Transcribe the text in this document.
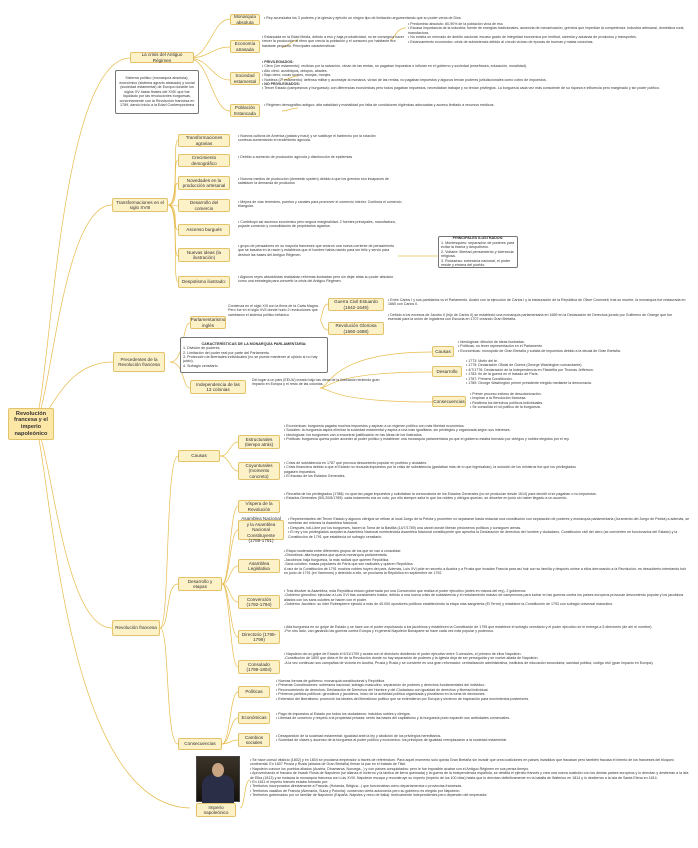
Revolución francesa y el imperio napoleónico
La crisis del Antiguo Régimen
Sistema político (monarquía absoluta), económico (sistema agrario atrasado) y social (sociedad estamental) de Europa durante los siglos XV hasta finales del XVIII que fue liquidado por las revoluciones burguesas, concretamente con la Revolución francesa en 1789, dando inicio a la Edad Contemporánea
Monarquía absoluta
• Rey acumulaba los 3 poderes y la iglesia y ejércitó un ningún tipo de limitación argumentando que su poder venía de Dios.
Economía atrasada
• Estancada en la Edad Media, debido a eso y baja productividad, no se conseguía hacer crecer la producción al ritmo que crecía la población y el consumo por habitante era bastante pequeño. Principales características:
• Predominio absoluto: 80-90% de la población vivía de eso
• Escasa importancia de la industria; fuente de energías tradicionales, ausencia de mecanización, gremios que impedían la competencia. Industria artesanal, doméstica rural, manufactura.
• No existía un mercado de ámbito nacional: escaso grado de integridad económica por lentitud, carestía y aduanas de productos y transportes.
• Estancamiento económico: crisis de subsistencia debido al círculo vicioso de épocas de buenas y malas cosechas.
Sociedad estamental
• PRIVILEGIADOS:
• Clero (1er estamento): recibían por la salvación, vivían de las rentas, no pagaban impuestos e influían en el gobierno y sociedad (enseñanza, educación, moralidad).
• Alto clero: arzobispos, obispos, abades.
• Bajo clero: curas rurales, monjas, monjes.
• Nobleza (2º estamento): defensa militar y aconsejar al monarca, vivían de las rentas, no pagaban impuestos y algunos tenían poderes jurisdiccionales como cobro de impuestos.
• NO PRIVILEGIADOS:
• Tercer Estado (campesinos y burguesía): con diferencias económicas pero todos pagaban impuestos, necesitaban trabajar y no tenían privilegios. La burguesía cada vez más consciente de su riqueza e influencia pero marginado y sin poder político.
Población Estancada
• Régimen demográfico antiguo: alta natalidad y mortalidad por falta de condiciones higiénicas adecuadas y acceso limitado a recursos médicos.
Transformaciones en el siglo XVIII
Transformaciones agrarias
• Nuevos cultivos de América (patata y maíz) y se sustituye el barbecho por la rotación continua aumentando el rendimiento agrícola.
Crecimiento demográfico
• Debido a aumento de producción agrícola y disminución de epidemias
Novedades en la producción artesanal
• Nuevos medios de producción (domestic system) debido a que los gremios son incapaces de satisfacer la demanda de productos
Desarrollo del comercio
• Mejora de vías terrestres, puertos y canales para promover el comercio interior. Continúa el comercio triangular.
Ascenso burgués
• Contribuyó así ascenso económico pero seguía marginalidad: 2 fuentes principales, manufactura, pujante comercio y consolidación de propietarios agrarios.
Nuevas ideas (la ilustración)
• grupo de pensadores en su mayoría franceses que crearon una nueva corriente de pensamiento que se basaba en la razón y establecía que el hombre había nacido para ser feliz y servió para destruir las bases del Antiguo Régimen.
PRINCIPALES ILUSTRADOS:
1. Montesquieu: separación de poderes para evitar la tiranía y despotismo.
2. Voltaire: libertad pensamiento y tolerancia religiosa.
3. Rousseau: soberanía nacional, el poder reside y emana del pueblo.
Despotismo ilustrado:
• Algunos reyes absolutistas realizaban reformas ilustradas pero sin dejar atrás su poder absoluto como una estrategia para convertir la crisis del Antiguo Régimen.
Precedentes de la Revolución francesa
Parlamentarismo inglés
Comienza en el siglo XIII con la firma de la Carta Magna. Pero fue en el siglo XVII donde hubo 2 revoluciones que cambiaron el sistema político británico
Guerra Civil Estuardo (1642-1649)
• Entre Carlos I y sus partidarios vs el Parlamento. Acabó con la ejecución de Carlos I y la instauración de la República de Oliver Cromwell; tras su muerte, la monarquía fue restaurada en 1660 con Carlos II.
Revolución Gloriosa (1660-1688)
• Debido a los excesos de Jacobo II (hijo de Carlos II) se estableció una monarquía parlamentaria en 1689 en la Declaración de Derechos jurado por Guillermo de Orange que fue esencial para la unión de Inglaterra con Escocia en 1707 creando Gran Bretaña.
CARACTERÍSTICAS DE LA MONARQUÍA PARLAMENTARIA:
1. División de poderes.
2. Limitación del poder real por parte del Parlamento.
3. Protección de libertades individuales (no se puede mantener al ojiricto si no hay juicio).
4. Sufragio censitario
Independencia de las 13 colonias
Dió lugar a un país (EEUU) creado bajo las ideas de la ilustración teniendo gran impacto en Europa y el resto de las colonias.
Causas
• Ideológicas: difusión de ideas ilustradas.
• Políticas: no tener representación en el Parlamento
• Económicas: monopolio de Gran Bretaña y subida de impuestos debido a la deuda de Gran Bretaña.
Desarrollo
• 1773: Motín del té.
• 1775: Declaración Oficial de Guerra (George Washington comandante).
• 4/7/1776: Declaración de la Independencia en Filadelfia por Thomas Jefferson.
• 1783: fin de la guerra en el tratado de París.
• 1787: Primera Constitución.
• 1789: George Washington primer presidente elegido mediante la democracia.
Consecuencias
• Primer proceso exitoso de descolonización.
• Inspiran a la Revolución francesa.
• Reafirma los derechos políticos individuales.
• Se consolida el rol político de la burguesía.
Revolución francesa
Causas
Estructurales (tiempo atrás)
• Económicas: burguesía pagaba muchos impuestos y aspiran a un régimen político con más libertad económica.
• Sociales: la burguesía aspira eliminar la sociedad estamental y aspira a una más igualitaria, sin privilegios y organizada según sus intereses.
• Ideológicas: los burgueses van a encontrar justificación en las ideas de los ilustrados.
• Políticas: burguesía quería poder acceder al poder político y establecer una monarquía parlamentaria ya que el gobierno estaba formado por clérigos y nobles elegidos por el rey.
Coyunturales (momento concreto)
• Crisis de subsistencia en 1787 que provoca descontento popular en pueblos y ciudades.
• Crisis financiera debido a que el Estado no recauda impuestos por la crisis de subsistencia (gastaban más de lo que ingresaban), la solución de los ministros fue que los privilegiados pagasen impuestos.
• El fracaso de los Estados Generales.
Desarrollo y etapas
Víspera de la Revolución
• Revuelta de los privilegiados (1788): no querían pagar impuestos y solicitaban la convocatoria de los Estados Generales (no se producían desde 1614) para decidir si se pagaban o no impuestos.
• Estados Generales (5/5-20/6/1789): cada estamento era un voto, por ello siempre salía lo que los nobles y clérigos querían, se disuelve en junio sin haber llegado a un acuerdo.
Asamblea Nacional y la Asamblea Nacional Constituyente (1789-1791)
• Representantes del Tercer Estado y algunos clérigos se retiran al local Juego de la Pelota y prometen no separarse hasta redactar una constitución con separación de poderes y monarquía parlamentaria (Juramento del Juego de Pelota) a además, se nombran así mismos la Asamblea Nacional.
• Después, toll-Libre por los burgueses, hacen la Toma de la Bastilla (14/7/1789) una cárcel donde liberan prisioneros políticos y consiguen armas.
• El rey y los privilegiados aceptan la Asamblea Nacional nombrándola Asamblea Nacional constituyente que aprueba la Declaración de derechos del hombre y ciudadano, Constitución civil del clero (se convierten en funcionarios del Estado) y la Constitución de 1791 que establecía un sufragio censitario.
Asamblea Legislativa
• Etapa moderada entre diferentes grupos de los que se van a consolidar:
-Girondinos: alta burguesía que quería monarquía parlamentaria.
-Jacobinos: baja burguesía, la más radical que quieren República.
-Sans culottes: masas populares de París que son radicales y quieren República.
A raíz de la Constitución de 1791 muchos nobles huyen del país. Además, Luis XVI pide en secreto a Austria y a Prusia que invadan Francia para así huir con su familia y después unirse a ellos derrocando a la Revolución, es descubierto intentando huir en junio de 1791 (en Varennes) y detenido a ello, se proclama la República en septiembre de 1792.
Convención (1792-1794)
• Tras disolver la Asamblea, esta República estuvo gobernada por una Convención que realiza el poder ejecutivo (antes en manos del rey), 2 gobiernos:
-Gobierno girondino: ejecutan a Luis XVI tras considerarlo traidor, debido a una nueva crisis de subsistencia y el reclutamiento masivo de campesinos para luchar en las guerras contra los países europeos provocan descontento popular y los jacobinos aliados con los sans culottes se hacen con el poder.
-Gobierno Jacobino: su líder Robespierre ejecutó a más de 40.000 opositores políticos estableciendo la etapa más sangrienta (El Terror) y establece la Constitución de 1793 con sufragio universal masculino.
Directorio (1795-1799)
• Alta burguesía en un golpe de Estado y se hace con el poder expulsando a los jacobinos y establecen la Constitución de 1795 que establece el sufragio censitario y el poder ejecutivo se le entrega a 5 directores (de ahí el nombre).
-Por otro lado, van ganando las guerras contra Europa y el general Napoleón Bonaparte se hace cada vez más popular y poderoso.
Consulado (1799-1804)
• Napoleón da un golpe de Estado el 9/11/1799 y acaba con el directorio dividiendo el poder ejecutivo entre 3 cónsules, el primero de ellos Napoleón.
-Constitución de 1800 que dicta el fin de la Revolución donde no hay separación de poderes y la Iglesia deja de ser perseguida y se vuelve aliada de Napoleón.
-A la vez continúan sus campañas de victoria en Austria, Prusia y Rusia y se convierte en una gran reformador: centralización administrativa, institutos de educación secundaria, sanidad pública, código civil (gran impacto en Europa).
Consecuencias
Políticas
• Nuevas formas de gobierno: monarquía constitucional y República.
• Primeras Constituciones: soberanía nacional, sufragio masculino, separación de poderes y derechos fundamentales del individuo.
• Reconocimiento de derechos: Declaración de Derechos del Hombre y del Ciudadano con igualdad de derechos y libertad individual.
• Primeros partidos políticos: girondinos y jacobinos, inicio de la actividad política organizada y pluralismo en la toma de decisiones.
• Extensión del liberalismo: promovió los ideales del liberalismo político que se extendieron por Europa y sirvieron de inspiración para movimientos posteriores.
Económicas
• Pago de impuestos al Estado por todos los ciudadanos: incluidos nobles y clérigos.
• Libertad de comercio y respeto a la propiedad privada: sentó las bases del capitalismo y la burguesía pudo expandir sus actividades comerciales.
Cambios sociales
• Desaparición de la sociedad estamental: igualdad ante la ley y abolición de los privilegios hereditarios.
• Sociedad de clases y ascenso de la burguesía al poder político y económico: los principios de igualdad reemplazaron a la sociedad estamental.
Imperio napoleónico
• Se hace cónsul vitalicio (1802) y en 1804 se proclama emperador a través de referéndum. Para aquel momento solo queda Gran Bretaña sin invadir que crea coaliciones en países invadidos que fracasan pero también fracasa el intento de los franceses del bloqueo continental. En 1807 Prusia y Rusia (aliados de Gran Bretaña) firman la paz en el tratado de Tilsit.
• Napoleón conoce los pueblos aliados (Austria, Dinamarca, Noruega...) y con países conquistados: pero le fue imposible acabar con el Antiguo Régimen en sus pensa tiempo.
• Aprovechando el fracaso de invadir Rusia de Napoleón (se alianza el invierno y la táctica de tierra quemada) y la guerra de la independencia española, se debilita el ejército francés y crea una nueva coalición con los demás países europeos y lo derrotan y destierran a la isla de Elba (1813) y se instaura la monarquía francesa con Luis XVIII. Napoleón escapa y reconstruye su imperio (imperio de los 100 días) hasta que lo derrotan definitivamente en la batalla de Waterloo en 1814 y lo destierran a la isla de Santa Elena en 1814.
• En 1811 el Imperio francés estaba formado por:
• Territorios incorporados directamente a Francia: (Holanda, Bélgica...) que funcionaban como departamentos o provincias francesas.
• Territorios vasallos de Francia (Alemania, Suiza y Polonia): conservan cierta autonomía pero su gobierno es elegido por Napoleón.
• Territorios gobernados por un familiar de Napoleón (España, Nápoles y reino de Italia): teóricamente independientes pero dependen del emperador.
